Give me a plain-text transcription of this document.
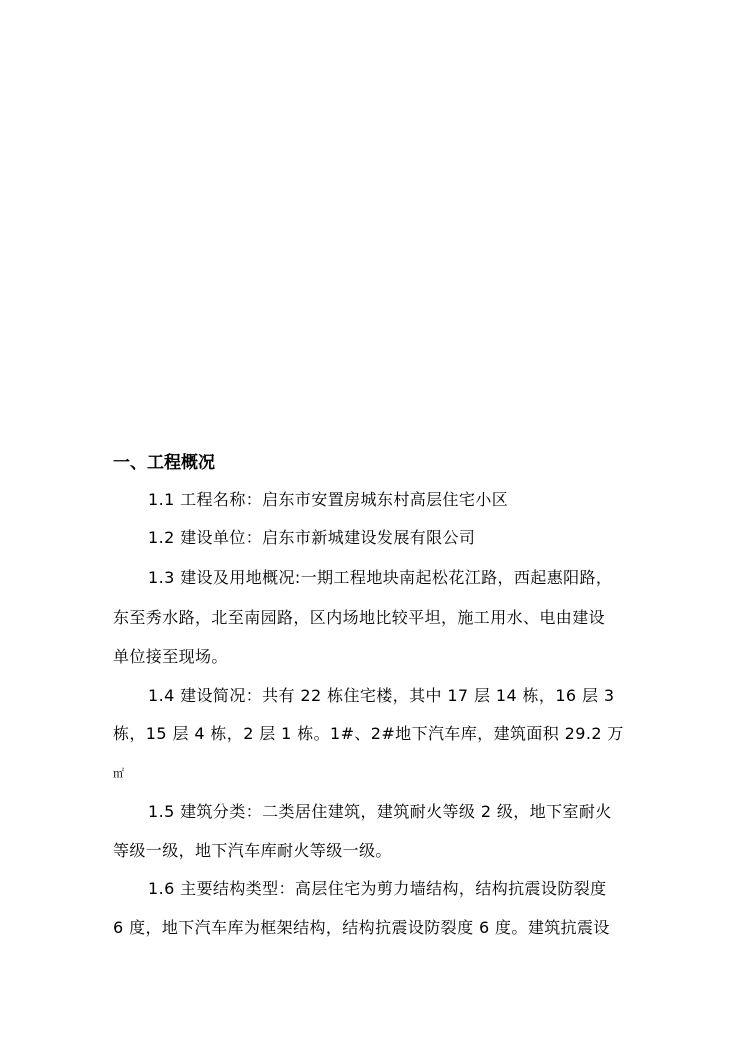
一、工程概况
1.1 工程名称：启东市安置房城东村高层住宅小区
1.2 建设单位：启东市新城建设发展有限公司
1.3 建设及用地概况:一期工程地块南起松花江路，西起惠阳路，
东至秀水路，北至南园路，区内场地比较平坦，施工用水、电由建设
单位接至现场。
1.4 建设简况：共有 22 栋住宅楼，其中 17 层 14 栋，16 层 3
栋，15 层 4 栋，2 层 1 栋。1#、2#地下汽车库，建筑面积 29.2 万
㎡
1.5 建筑分类：二类居住建筑，建筑耐火等级 2 级，地下室耐火
等级一级，地下汽车库耐火等级一级。
1.6 主要结构类型：高层住宅为剪力墙结构，结构抗震设防裂度
6 度，地下汽车库为框架结构，结构抗震设防裂度 6 度。建筑抗震设
